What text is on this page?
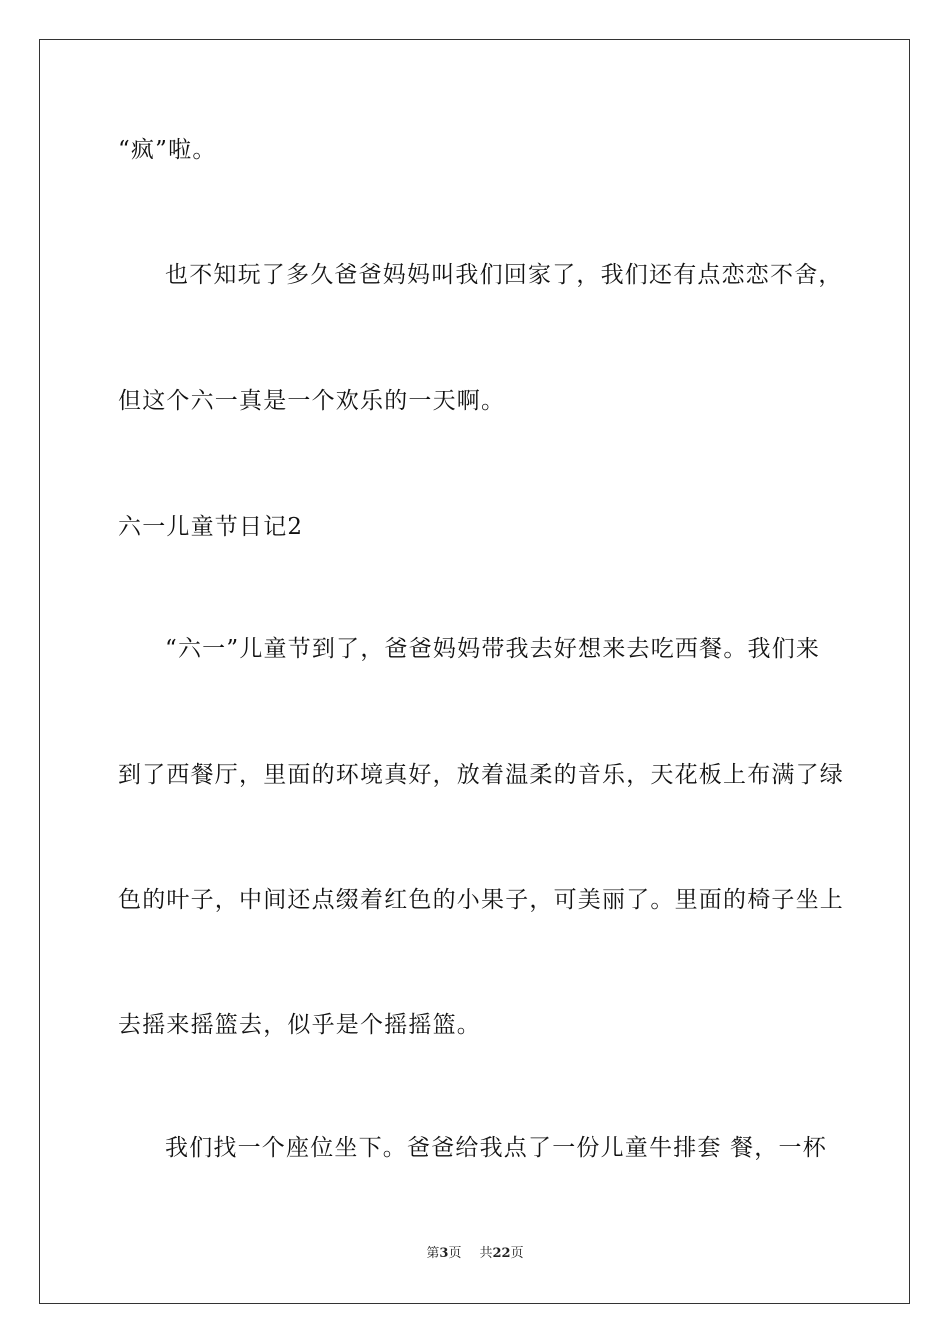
“疯”啦。
也不知玩了多久爸爸妈妈叫我们回家了，我们还有点恋恋不舍，
但这个六一真是一个欢乐的一天啊。
六一儿童节日记2
“六一”儿童节到了，爸爸妈妈带我去好想来去吃西餐。我们来
到了西餐厅，里面的环境真好，放着温柔的音乐，天花板上布满了绿
色的叶子，中间还点缀着红色的小果子，可美丽了。里面的椅子坐上
去摇来摇篮去，似乎是个摇摇篮。
我们找一个座位坐下。爸爸给我点了一份儿童牛排套 餐，一杯
第3页 共22页
